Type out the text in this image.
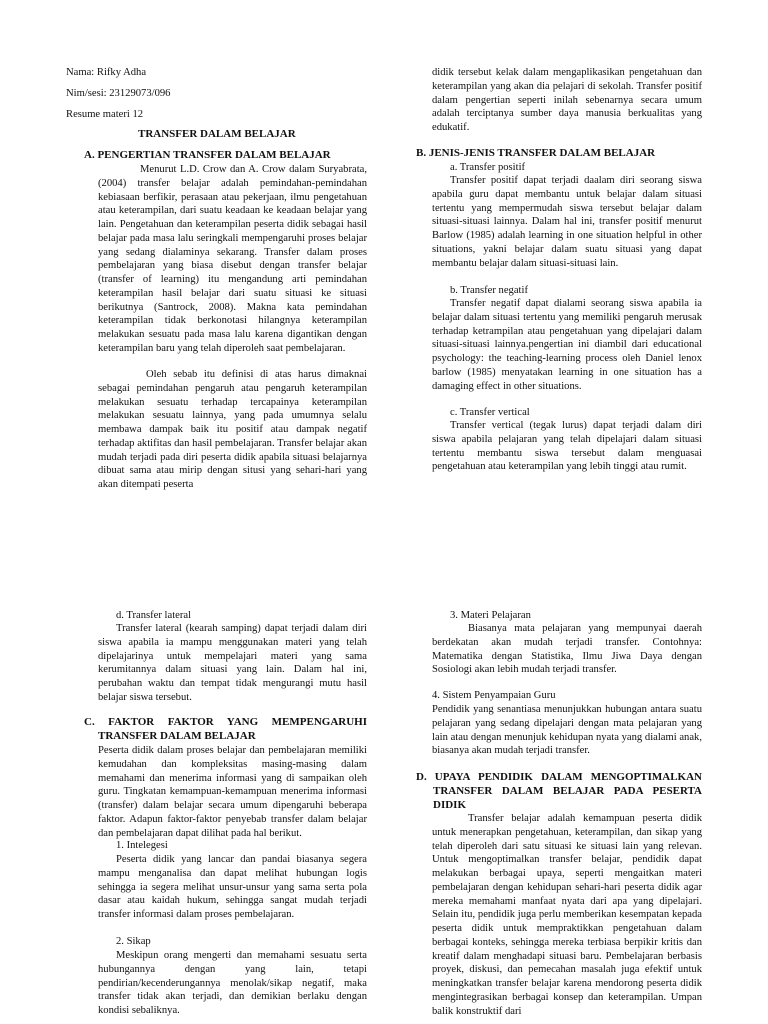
Nama: Rifky Adha
Nim/sesi: 23129073/096
Resume materi 12
TRANSFER DALAM BELAJAR
A. PENGERTIAN TRANSFER DALAM BELAJAR
Menurut L.D. Crow dan A. Crow dalam Suryabrata, (2004) transfer belajar adalah pemindahan-pemindahan kebiasaan berfikir, perasaan atau pekerjaan, ilmu pengetahuan atau keterampilan, dari suatu keadaan ke keadaan belajar yang lain. Pengetahuan dan keterampilan peserta didik sebagai hasil belajar pada masa lalu seringkali mempengaruhi proses belajar yang sedang dialaminya sekarang. Transfer dalam proses pembelajaran yang biasa disebut dengan transfer belajar (transfer of learning) itu mengandung arti pemindahan keterampilan hasil belajar dari suatu situasi ke situasi berikutnya (Santrock, 2008). Makna kata pemindahan keterampilan tidak berkonotasi hilangnya keterampilan melakukan sesuatu pada masa lalu karena digantikan dengan keterampilan baru yang telah diperoleh saat pembelajaran.
Oleh sebab itu definisi di atas harus dimaknai sebagai pemindahan pengaruh atau pengaruh keterampilan melakukan sesuatu terhadap tercapainya keterampilan melakukan sesuatu lainnya, yang pada umumnya selalu membawa dampak baik itu positif atau dampak negatif terhadap aktifitas dan hasil pembelajaran. Transfer belajar akan mudah terjadi pada diri peserta didik apabila situasi belajarnya dibuat sama atau mirip dengan situsi yang sehari-hari yang akan ditempati peserta
didik tersebut kelak dalam mengaplikasikan pengetahuan dan keterampilan yang akan dia pelajari di sekolah. Transfer positif dalam pengertian seperti inilah sebenarnya secara umum adalah terciptanya sumber daya manusia berkualitas yang edukatif.
B. JENIS-JENIS TRANSFER DALAM BELAJAR
a. Transfer positif
Transfer positif dapat terjadi daalam diri seorang siswa apabila guru dapat membantu untuk belajar dalam situasi tertentu yang mempermudah siswa tersebut belajar dalam situasi-situasi lainnya. Dalam hal ini, transfer positif menurut Barlow (1985) adalah learning in one situation helpful in other situations, yakni belajar dalam suatu situasi yang dapat membantu belajar dalam situasi-situasi lain.
b. Transfer negatif
Transfer negatif dapat dialami seorang siswa apabila ia belajar dalam situasi tertentu yang memiliki pengaruh merusak terhadap ketrampilan atau pengetahuan yang dipelajari dalam situasi-situasi lainnya.pengertian ini diambil dari educational psychology: the teaching-learning process oleh Daniel lenox barlow (1985) menyatakan learning in one situation has a damaging effect in other situations.
c. Transfer vertical
Transfer vertical (tegak lurus) dapat terjadi dalam diri siswa apabila pelajaran yang telah dipelajari dalam situasi tertentu membantu siswa tersebut dalam menguasai pengetahuan atau keterampilan yang lebih tinggi atau rumit.
d. Transfer lateral
Transfer lateral (kearah samping) dapat terjadi dalam diri siswa apabila ia mampu menggunakan materi yang telah dipelajarinya untuk mempelajari materi yang sama kerumitannya dalam situasi yang lain. Dalam hal ini, perubahan waktu dan tempat tidak mengurangi mutu hasil belajar siswa tersebut.
C. FAKTOR FAKTOR YANG MEMPENGARUHI
TRANSFER DALAM BELAJAR
Peserta didik dalam proses belajar dan pembelajaran memiliki kemudahan dan kompleksitas masing-masing dalam memahami dan menerima informasi yang di sampaikan oleh guru. Tingkatan kemampuan-kemampuan menerima informasi (transfer) dalam belajar secara umum dipengaruhi beberapa faktor. Adapun faktor-faktor penyebab transfer dalam belajar dan pembelajaran dapat dilihat pada hal berikut.
1. Intelegesi
Peserta didik yang lancar dan pandai biasanya segera mampu menganalisa dan dapat melihat hubungan logis sehingga ia segera melihat unsur-unsur yang sama serta pola dasar atau kaidah hukum, sehingga sangat mudah terjadi transfer informasi dalam proses pembelajaran.
2. Sikap
Meskipun orang mengerti dan memahami sesuatu serta hubungannya dengan yang lain, tetapi pendirian/kecenderungannya menolak/sikap negatif, maka transfer tidak akan terjadi, dan demikian berlaku dengan kondisi sebaliknya.
3. Materi Pelajaran
Biasanya mata pelajaran yang mempunyai daerah berdekatan akan mudah terjadi transfer. Contohnya: Matematika dengan Statistika, Ilmu Jiwa Daya dengan Sosiologi akan lebih mudah terjadi transfer.
4. Sistem Penyampaian Guru
Pendidik yang senantiasa menunjukkan hubungan antara suatu pelajaran yang sedang dipelajari dengan mata pelajaran yang lain atau dengan menunjuk kehidupan nyata yang dialami anak, biasanya akan mudah terjadi transfer.
D. UPAYA PENDIDIK DALAM MENGOPTIMALKAN
TRANSFER DALAM BELAJAR PADA PESERTA
DIDIK
Transfer belajar adalah kemampuan peserta didik untuk menerapkan pengetahuan, keterampilan, dan sikap yang telah diperoleh dari satu situasi ke situasi lain yang relevan. Untuk mengoptimalkan transfer belajar, pendidik dapat melakukan berbagai upaya, seperti mengaitkan materi pembelajaran dengan kehidupan sehari-hari peserta didik agar mereka memahami manfaat nyata dari apa yang dipelajari. Selain itu, pendidik juga perlu memberikan kesempatan kepada peserta didik untuk mempraktikkan pengetahuan dalam berbagai konteks, sehingga mereka terbiasa berpikir kritis dan kreatif dalam menghadapi situasi baru. Pembelajaran berbasis proyek, diskusi, dan pemecahan masalah juga efektif untuk meningkatkan transfer belajar karena mendorong peserta didik mengintegrasikan berbagai konsep dan keterampilan. Umpan balik konstruktif dari
